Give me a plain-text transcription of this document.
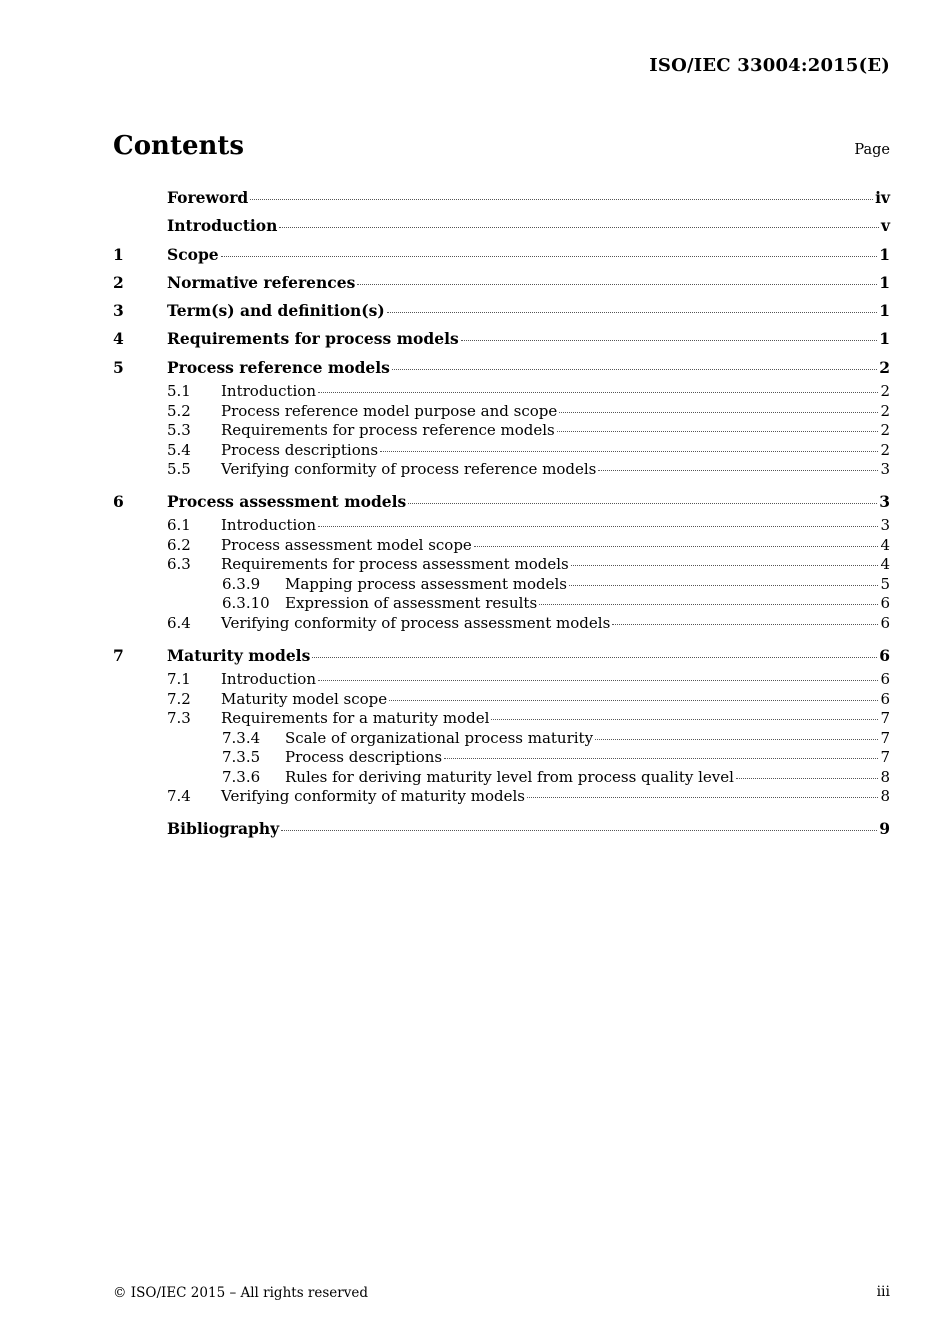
ISO/IEC 33004:2015(E)
Contents	Page
Foreword	iv
Introduction	v
1	Scope	1
2	Normative references	1
3	Term(s) and definition(s)	1
4	Requirements for process models	1
5	Process reference models	2
5.1	Introduction	2
5.2	Process reference model purpose and scope	2
5.3	Requirements for process reference models	2
5.4	Process descriptions	2
5.5	Verifying conformity of process reference models	3
6	Process assessment models	3
6.1	Introduction	3
6.2	Process assessment model scope	4
6.3	Requirements for process assessment models	4
6.3.9	Mapping process assessment models	5
6.3.10	Expression of assessment results	6
6.4	Verifying conformity of process assessment models	6
7	Maturity models	6
7.1	Introduction	6
7.2	Maturity model scope	6
7.3	Requirements for a maturity model	7
7.3.4	Scale of organizational process maturity	7
7.3.5	Process descriptions	7
7.3.6	Rules for deriving maturity level from process quality level	8
7.4	Verifying conformity of maturity models	8
Bibliography	9
© ISO/IEC 2015 – All rights reserved	iii
